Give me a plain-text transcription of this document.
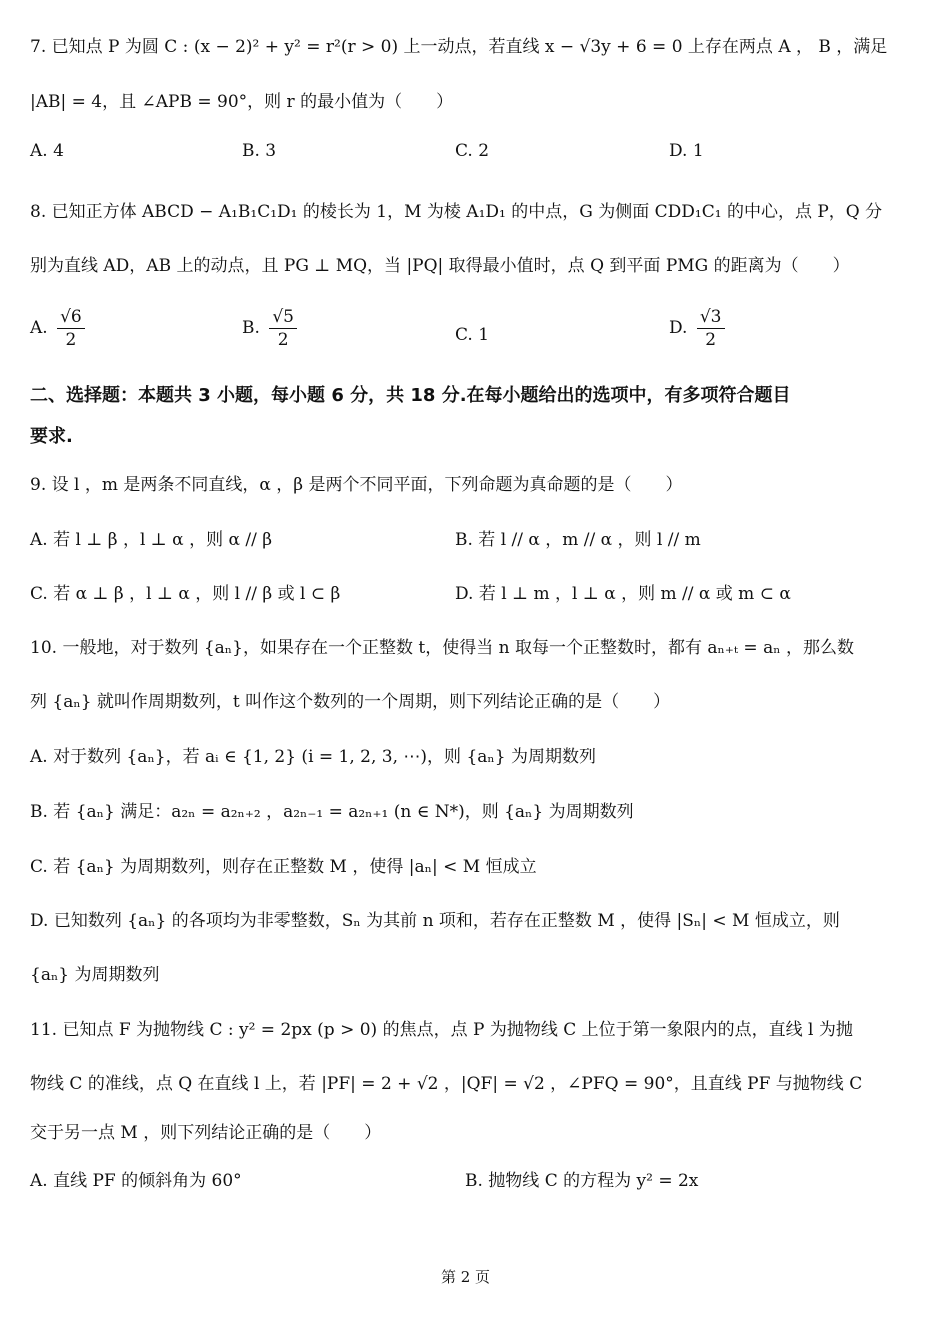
7. 已知点 P 为圆 C : (x − 2)² + y² = r²(r > 0) 上一动点，若直线 x − √3y + 6 = 0 上存在两点 A ， B ，满足
|AB| = 4，且 ∠APB = 90°，则 r 的最小值为（　　）
A. 4	B. 3	C. 2	D. 1
8. 已知正方体 ABCD − A₁B₁C₁D₁ 的棱长为 1，M 为棱 A₁D₁ 的中点，G 为侧面 CDD₁C₁ 的中心，点 P，Q 分
别为直线 AD，AB 上的动点，且 PG ⊥ MQ，当 |PQ| 取得最小值时，点 Q 到平面 PMG 的距离为（　　）
A. $\frac{√6}{2}$	B. $\frac{√5}{2}$	C. 1	D. $\frac{√3}{2}$
二、选择题：本题共 3 小题，每小题 6 分，共 18 分.在每小题给出的选项中，有多项符合题目
要求.
9. 设 l ，m 是两条不同直线，α ，β 是两个不同平面，下列命题为真命题的是（　　）
A. 若 l ⊥ β ，l ⊥ α ，则 α // β	B. 若 l // α ，m // α ，则 l // m
C. 若 α ⊥ β ，l ⊥ α ，则 l // β 或 l ⊂ β	D. 若 l ⊥ m ，l ⊥ α ，则 m // α 或 m ⊂ α
10. 一般地，对于数列 {aₙ}，如果存在一个正整数 t，使得当 n 取每一个正整数时，都有 aₙ₊ₜ = aₙ ，那么数
列 {aₙ} 就叫作周期数列，t 叫作这个数列的一个周期，则下列结论正确的是（　　）
A. 对于数列 {aₙ}，若 aᵢ ∈ {1, 2} (i = 1, 2, 3, ⋯)，则 {aₙ} 为周期数列
B. 若 {aₙ} 满足：a₂ₙ = a₂ₙ₊₂ ，a₂ₙ₋₁ = a₂ₙ₊₁ (n ∈ N*)，则 {aₙ} 为周期数列
C. 若 {aₙ} 为周期数列，则存在正整数 M ，使得 |aₙ| < M 恒成立
D. 已知数列 {aₙ} 的各项均为非零整数，Sₙ 为其前 n 项和，若存在正整数 M ，使得 |Sₙ| < M 恒成立，则
{aₙ} 为周期数列
11. 已知点 F 为抛物线 C : y² = 2px (p > 0) 的焦点，点 P 为抛物线 C 上位于第一象限内的点，直线 l 为抛
物线 C 的准线，点 Q 在直线 l 上，若 |PF| = 2 + √2 ，|QF| = √2 ，∠PFQ = 90°，且直线 PF 与抛物线 C
交于另一点 M ，则下列结论正确的是（　　）
A. 直线 PF 的倾斜角为 60°	B. 抛物线 C 的方程为 y² = 2x
第 2 页
